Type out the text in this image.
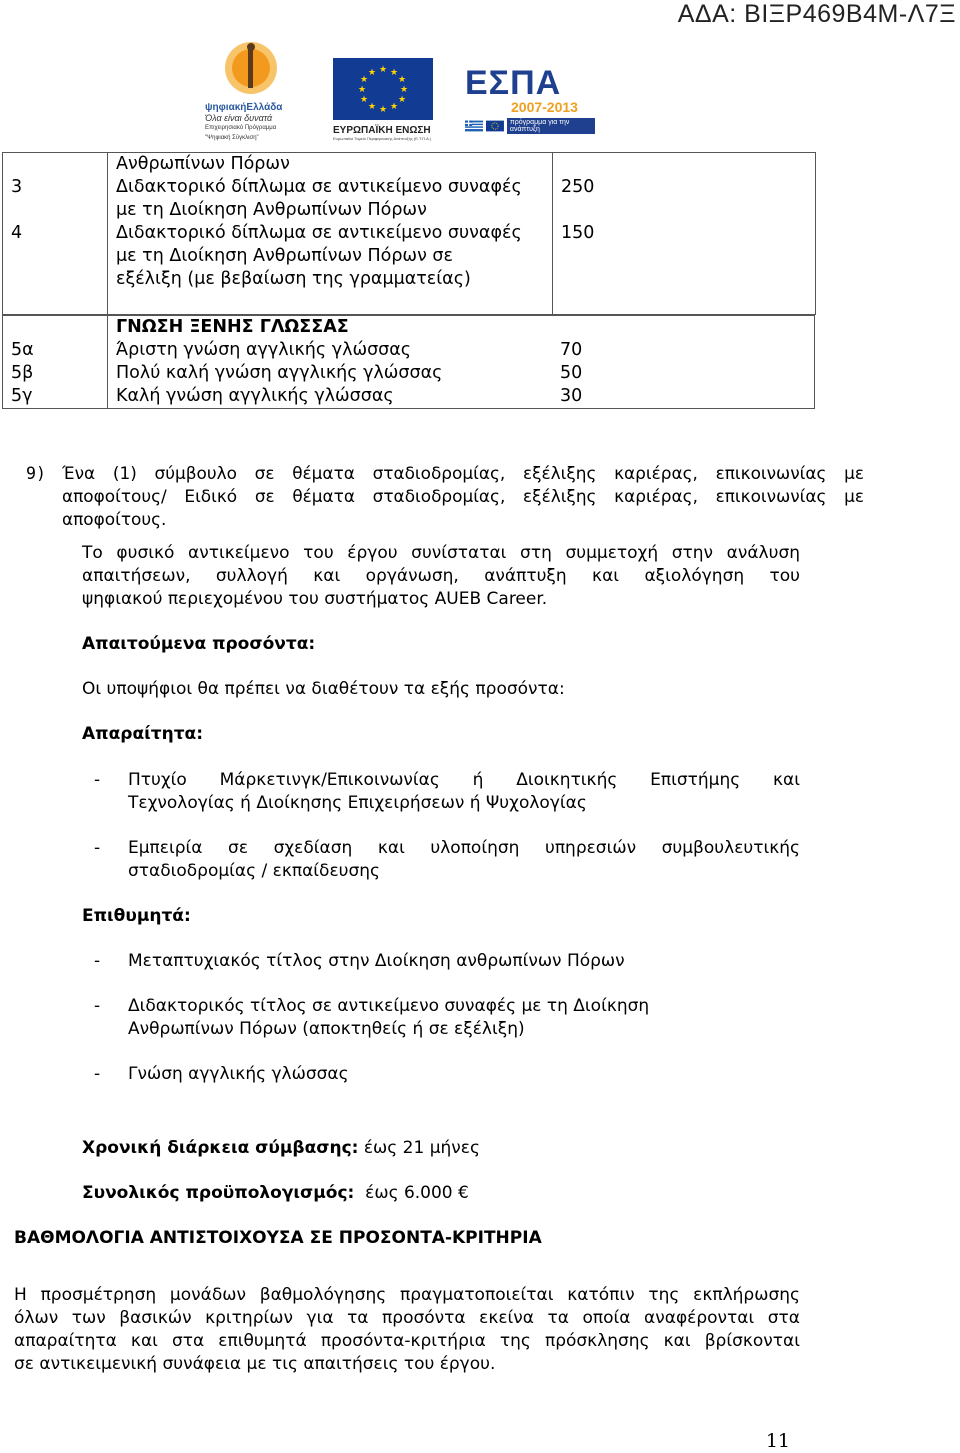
ΑΔΑ: ΒΙΞΡ469Β4Μ-Λ7Ξ
ψηφιακήΕλλάδα
Όλα είναι δυνατά
Επιχειρησιακό Πρόγραμμα
"Ψηφιακή Σύγκλιση"
★ ★
★
★
★
★
★
★
★
★
★
★
ΕΥΡΩΠΑΪΚΗ ΕΝΩΣΗ
Ευρωπαϊκό Ταμείο Περιφερειακής Ανάπτυξης (Ε.Τ.Π.Α.)
ΕΣΠΑ
2007-2013
πρόγραμμα για την ανάπτυξη

	Ανθρωπίνων Πόρων	

3	Διδακτορικό δίπλωμα σε αντικείμενο συναφές
με τη Διοίκηση Ανθρωπίνων Πόρων	250
4	Διδακτορικό δίπλωμα σε αντικείμενο συναφές
με τη Διοίκηση Ανθρωπίνων Πόρων σε
εξέλιξη (με βεβαίωση της γραμματείας)	150
	ΓΝΩΣΗ ΞΕΝΗΣ ΓΛΩΣΣΑΣ	
5α	Άριστη γνώση αγγλικής γλώσσας	70
5β	Πολύ καλή γνώση αγγλικής γλώσσας	50
5γ	Καλή γνώση αγγλικής γλώσσας	30
9) Ένα (1) σύμβουλο σε θέματα σταδιοδρομίας, εξέλιξης καριέρας, επικοινωνίας με
αποφοίτους/ Ειδικό σε θέματα σταδιοδρομίας, εξέλιξης καριέρας, επικοινωνίας με
αποφοίτους.
Το φυσικό αντικείμενο του έργου συνίσταται στη συμμετοχή στην ανάλυση
απαιτήσεων, συλλογή και οργάνωση, ανάπτυξη και αξιολόγηση του
ψηφιακού περιεχομένου του συστήματος AUEB Career.
Απαιτούμενα προσόντα:
Οι υποψήφιοι θα πρέπει να διαθέτουν τα εξής προσόντα:
Απαραίτητα:
- Πτυχίο Μάρκετινγκ/Επικοινωνίας ή Διοικητικής Επιστήμης και
Τεχνολογίας ή Διοίκησης Επιχειρήσεων ή Ψυχολογίας
- Εμπειρία σε σχεδίαση και υλοποίηση υπηρεσιών συμβουλευτικής
σταδιοδρομίας / εκπαίδευσης
Επιθυμητά:
- Μεταπτυχιακός τίτλος στην Διοίκηση ανθρωπίνων Πόρων
- Διδακτορικός τίτλος σε αντικείμενο συναφές με τη Διοίκηση
Ανθρωπίνων Πόρων (αποκτηθείς ή σε εξέλιξη)
- Γνώση αγγλικής γλώσσας
Χρονική διάρκεια σύμβασης: έως 21 μήνες
Συνολικός προϋπολογισμός:  έως 6.000 €
ΒΑΘΜΟΛΟΓΙΑ ΑΝΤΙΣΤΟΙΧΟΥΣΑ ΣΕ ΠΡΟΣΟΝΤΑ-ΚΡΙΤΗΡΙΑ
Η προσμέτρηση μονάδων βαθμολόγησης πραγματοποιείται κατόπιν της εκπλήρωσης
όλων των βασικών κριτηρίων για τα προσόντα εκείνα τα οποία αναφέρονται στα
απαραίτητα και στα επιθυμητά προσόντα-κριτήρια της πρόσκλησης και βρίσκονται
σε αντικειμενική συνάφεια με τις απαιτήσεις του έργου.
11
